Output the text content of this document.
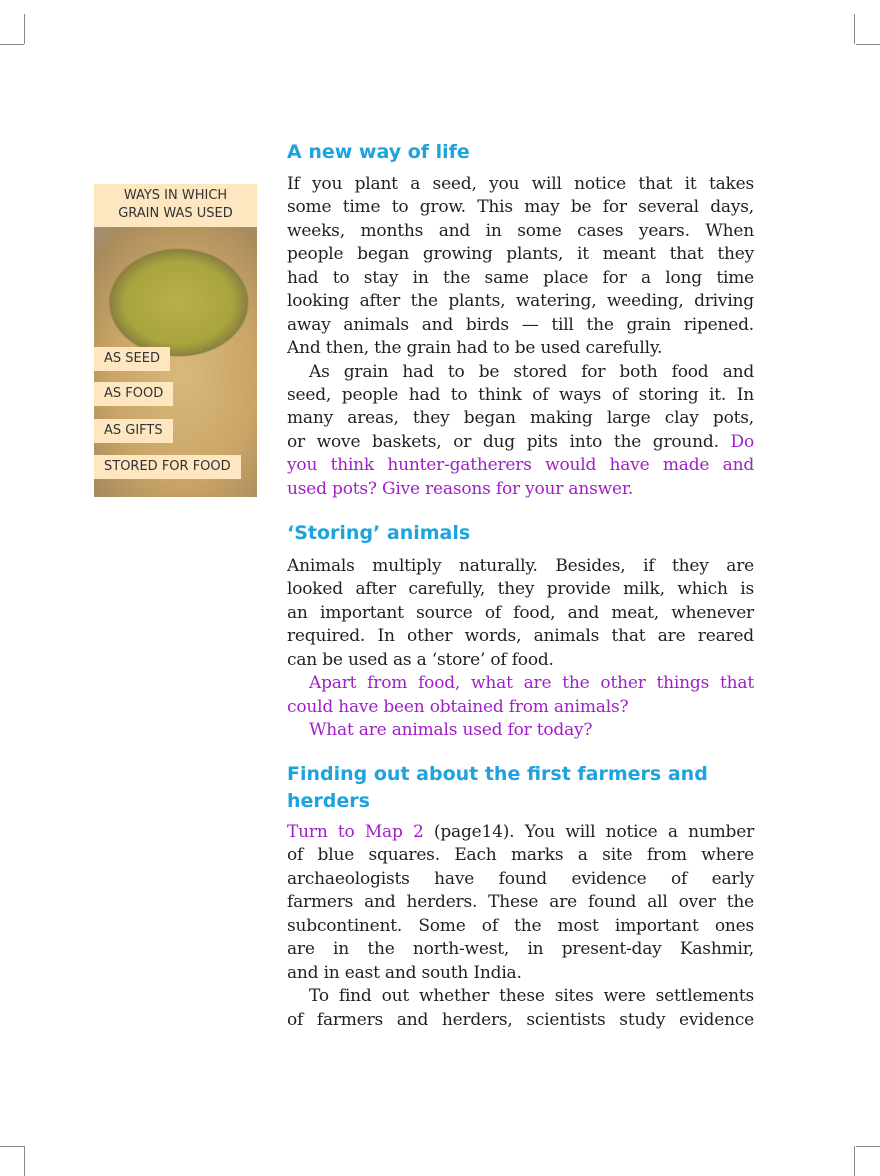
WAYS IN WHICH
GRAIN WAS USED
AS SEED
AS FOOD
AS GIFTS
STORED FOR FOOD
A new way of life
If you plant a seed, you will notice that it takes
some time to grow. This may be for several days,
weeks, months and in some cases years. When
people began growing plants, it meant that they
had to stay in the same place for a long time
looking after the plants, watering, weeding, driving
away animals and birds — till the grain ripened.
And then, the grain had to be used carefully.
As grain had to be stored for both food and
seed, people had to think of ways of storing it. In
many areas, they began making large clay pots,
or wove baskets, or dug pits into the ground. Do
you think hunter-gatherers would have made and
used pots? Give reasons for your answer.
‘Storing’ animals
Animals multiply naturally. Besides, if they are
looked after carefully, they provide milk, which is
an important source of food, and meat, whenever
required. In other words, animals that are reared
can be used as a ‘store’ of food.
Apart from food, what are the other things that
could have been obtained from animals?
What are animals used for today?
Finding out about the first farmers and
herders
Turn to Map 2 (page14). You will notice a number
of blue squares. Each marks a site from where
archaeologists have found evidence of early
farmers and herders. These are found all over the
subcontinent. Some of the most important ones
are in the north-west, in present-day Kashmir,
and in east and south India.
To find out whether these sites were settlements
of farmers and herders, scientists study evidence
